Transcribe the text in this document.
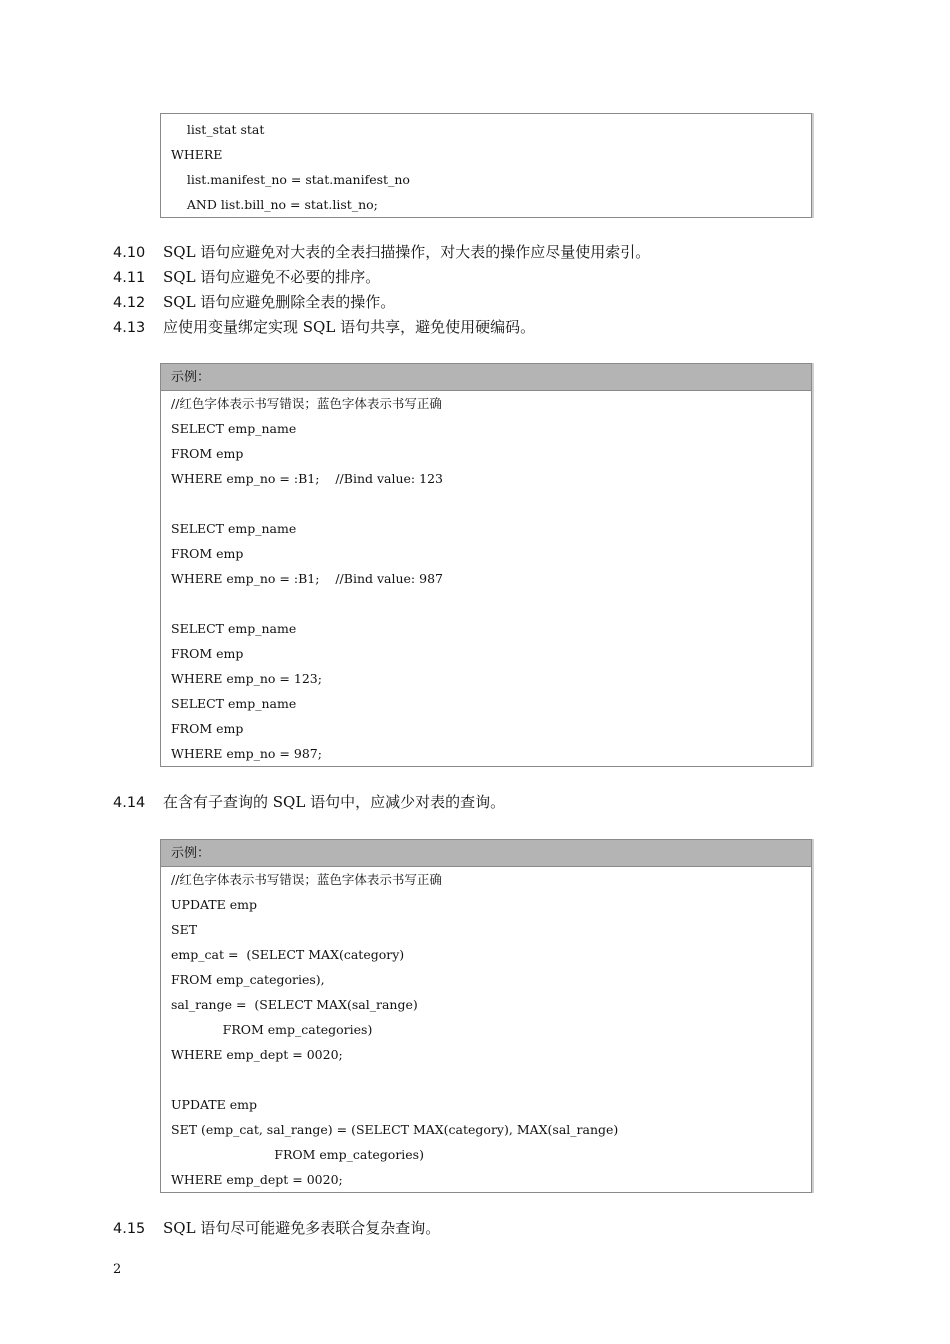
list_stat stat
WHERE
list.manifest_no = stat.manifest_no
AND list.bill_no = stat.list_no;
4.10 SQL 语句应避免对大表的全表扫描操作，对大表的操作应尽量使用索引。
4.11 SQL 语句应避免不必要的排序。
4.12 SQL 语句应避免删除全表的操作。
4.13 应使用变量绑定实现 SQL 语句共享，避免使用硬编码。
示例：
//红色字体表示书写错误；蓝色字体表示书写正确
SELECT emp_name
FROM emp
WHERE emp_no = :B1;    //Bind value: 123
SELECT emp_name
FROM emp
WHERE emp_no = :B1;    //Bind value: 987
SELECT emp_name
FROM emp
WHERE emp_no = 123;
SELECT emp_name
FROM emp
WHERE emp_no = 987;
4.14 在含有子查询的 SQL 语句中，应减少对表的查询。
示例：
//红色字体表示书写错误；蓝色字体表示书写正确
UPDATE emp
SET
emp_cat =  (SELECT MAX(category)
FROM emp_categories),
sal_range =  (SELECT MAX(sal_range)
FROM emp_categories)
WHERE emp_dept = 0020;
UPDATE emp
SET (emp_cat, sal_range) = (SELECT MAX(category), MAX(sal_range)
FROM emp_categories)
WHERE emp_dept = 0020;
4.15 SQL 语句尽可能避免多表联合复杂查询。
2
